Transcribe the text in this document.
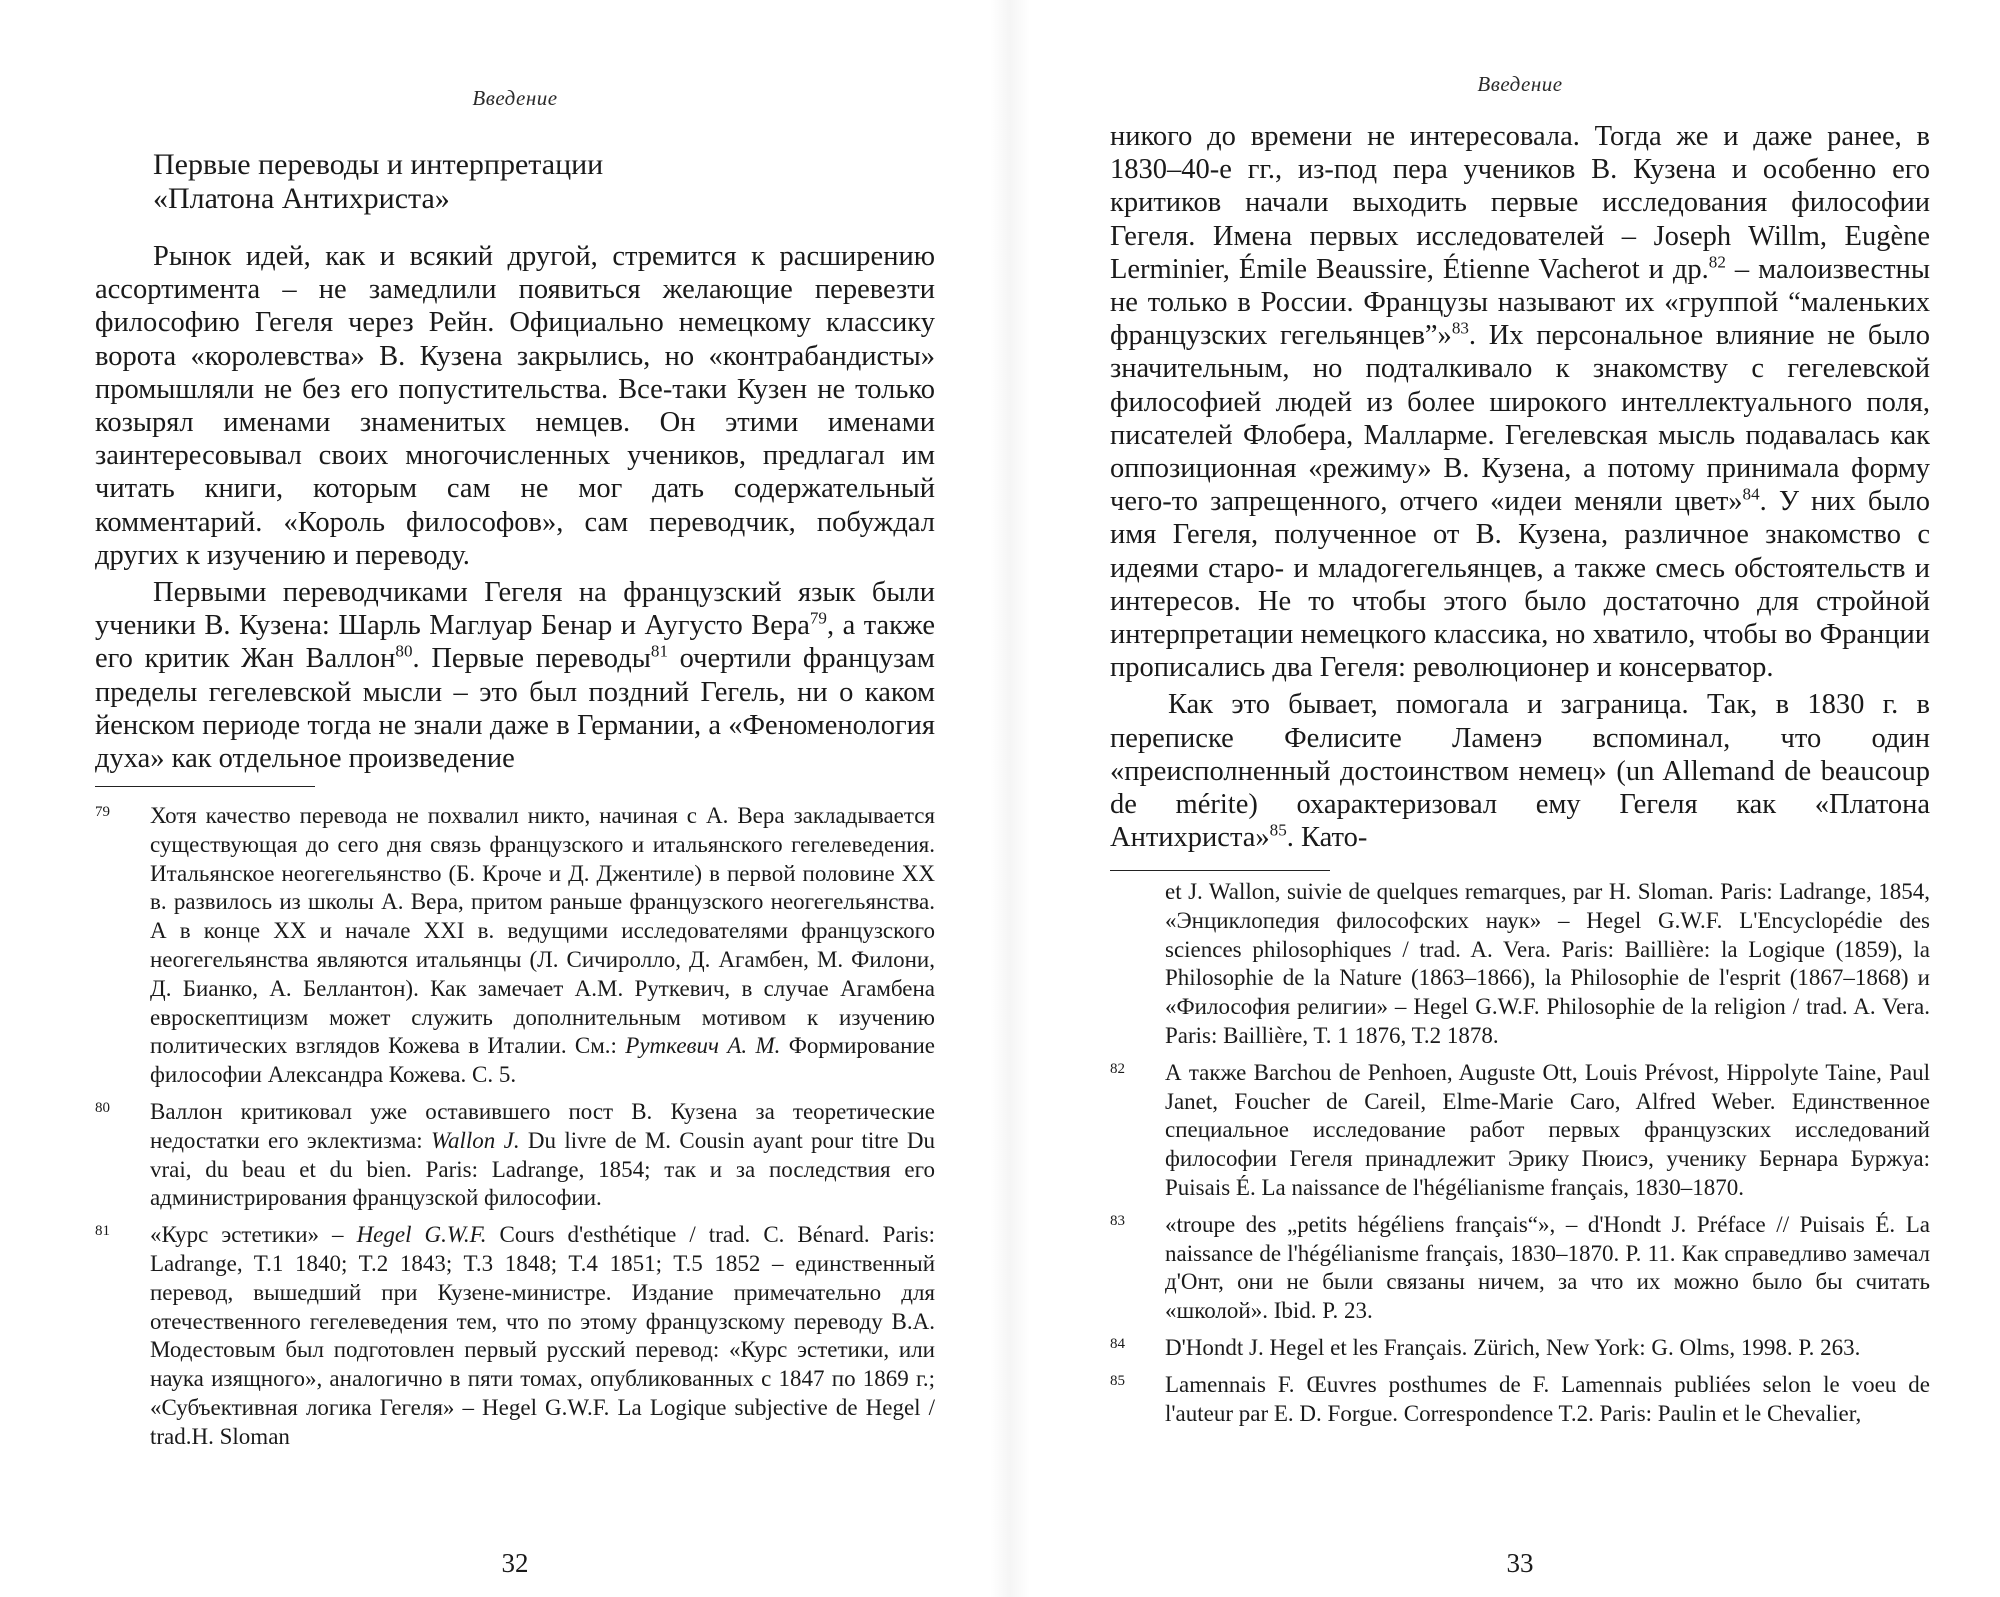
Введение
Первые переводы и интерпретации
«Платона Антихриста»

Рынок идей, как и всякий другой, стремится к расширению ассортимента – не замедлили появиться желающие перевезти философию Гегеля через Рейн. Официально немецкому классику ворота «королевства» В. Кузена закрылись, но «контрабандисты» промышляли не без его попустительства. Все-таки Кузен не только козырял именами знаменитых немцев. Он этими именами заинтересовывал своих многочисленных учеников, предлагал им читать книги, которым сам не мог дать содержательный комментарий. «Король философов», сам переводчик, побуждал других к изучению и переводу.

Первыми переводчиками Гегеля на французский язык были ученики В. Кузена: Шарль Маглуар Бенар и Аугусто Вера$^{79}$, а также его критик Жан Валлон$^{80}$. Первые переводы$^{81}$ очертили французам пределы гегелевской мысли – это был поздний Гегель, ни о каком йенском периоде тогда не знали даже в Германии, а «Феноменология духа» как отдельное произведение

79 Хотя качество перевода не похвалил никто, начиная с А. Вера закладывается существующая до сего дня связь французского и итальянского гегелеведения. Итальянское неогегельянство (Б. Кроче и Д. Джентиле) в первой половине XX в. развилось из школы А. Вера, притом раньше французского неогегельянства. А в конце XX и начале XXI в. ведущими исследователями французского неогегельянства являются итальянцы (Л. Сичиролло, Д. Агамбен, М. Филони, Д. Бианко, А. Беллантон). Как замечает А.М. Руткевич, в случае Агамбена евроскептицизм может служить дополнительным мотивом к изучению политических взглядов Кожева в Италии. См.: Руткевич А. М. Формирование философии Александра Кожева. С. 5.
80 Валлон критиковал уже оставившего пост В. Кузена за теоретические недостатки его эклектизма: Wallon J. Du livre de M. Cousin ayant pour titre Du vrai, du beau et du bien. Paris: Ladrange, 1854; так и за последствия его администрирования французской философии.
81 «Курс эстетики» – Hegel G.W.F. Cours d'esthétique / trad. C. Bénard. Paris: Ladrange, T.1 1840; T.2 1843; T.3 1848; T.4 1851; T.5 1852 – единственный перевод, вышедший при Кузене-министре. Издание примечательно для отечественного гегелеведения тем, что по этому французскому переводу В.А. Модестовым был подготовлен первый русский перевод: «Курс эстетики, или наука изящного», аналогично в пяти томах, опубликованных с 1847 по 1869 г.; «Субъективная логика Гегеля» – Hegel G.W.F. La Logique subjective de Hegel / trad.H. Sloman
32
Введение

никого до времени не интересовала. Тогда же и даже ранее, в 1830–40-е гг., из-под пера учеников В. Кузена и особенно его критиков начали выходить первые исследования философии Гегеля. Имена первых исследователей – Joseph Willm, Eugène Lerminier, Émile Beaussire, Étienne Vacherot и др.$^{82}$ – малоизвестны не только в России. Французы называют их «группой “маленьких французских гегельянцев”»$^{83}$. Их персональное влияние не было значительным, но подталкивало к знакомству с гегелевской философией людей из более широкого интеллектуального поля, писателей Флобера, Малларме. Гегелевская мысль подавалась как оппозиционная «режиму» В. Кузена, а потому принимала форму чего-то запрещенного, отчего «идеи меняли цвет»$^{84}$. У них было имя Гегеля, полученное от В. Кузена, различное знакомство с идеями старо- и младогегельянцев, а также смесь обстоятельств и интересов. Не то чтобы этого было достаточно для стройной интерпретации немецкого классика, но хватило, чтобы во Франции прописались два Гегеля: революционер и консерватор.

Как это бывает, помогала и заграница. Так, в 1830 г. в переписке Фелисите Ламенэ вспоминал, что один «преисполненный достоинством немец» (un Allemand de beaucoup de mérite) охарактеризовал ему Гегеля как «Платона Антихриста»$^{85}$. Като-

et J. Wallon, suivie de quelques remarques, par H. Sloman. Paris: Ladrange, 1854, «Энциклопедия философских наук» – Hegel G.W.F. L'Encyclopédie des sciences philosophiques / trad. A. Vera. Paris: Baillière: la Logique (1859), la Philosophie de la Nature (1863–1866), la Philosophie de l'esprit (1867–1868) и «Философия религии» – Hegel G.W.F. Philosophie de la religion / trad. A. Vera. Paris: Baillière, T. 1 1876, T.2 1878.
82 А также Barchou de Penhoen, Auguste Ott, Louis Prévost, Hippolyte Taine, Paul Janet, Foucher de Careil, Elme-Marie Caro, Alfred Weber. Единственное специальное исследование работ первых французских исследований философии Гегеля принадлежит Эрику Пюисэ, ученику Бернара Буржуа: Puisais É. La naissance de l'hégélianisme français, 1830–1870.
83 «troupe des „petits hégéliens français“», – d'Hondt J. Préface // Puisais É. La naissance de l'hégélianisme français, 1830–1870. P. 11. Как справедливо замечал д'Онт, они не были связаны ничем, за что их можно было бы считать «школой». Ibid. P. 23.
84 D'Hondt J. Hegel et les Français. Zürich, New York: G. Olms, 1998. P. 263.
85 Lamennais F. Œuvres posthumes de F. Lamennais publiées selon le voeu de l'auteur par E. D. Forgue. Correspondence T.2. Paris: Paulin et le Chevalier,
33
